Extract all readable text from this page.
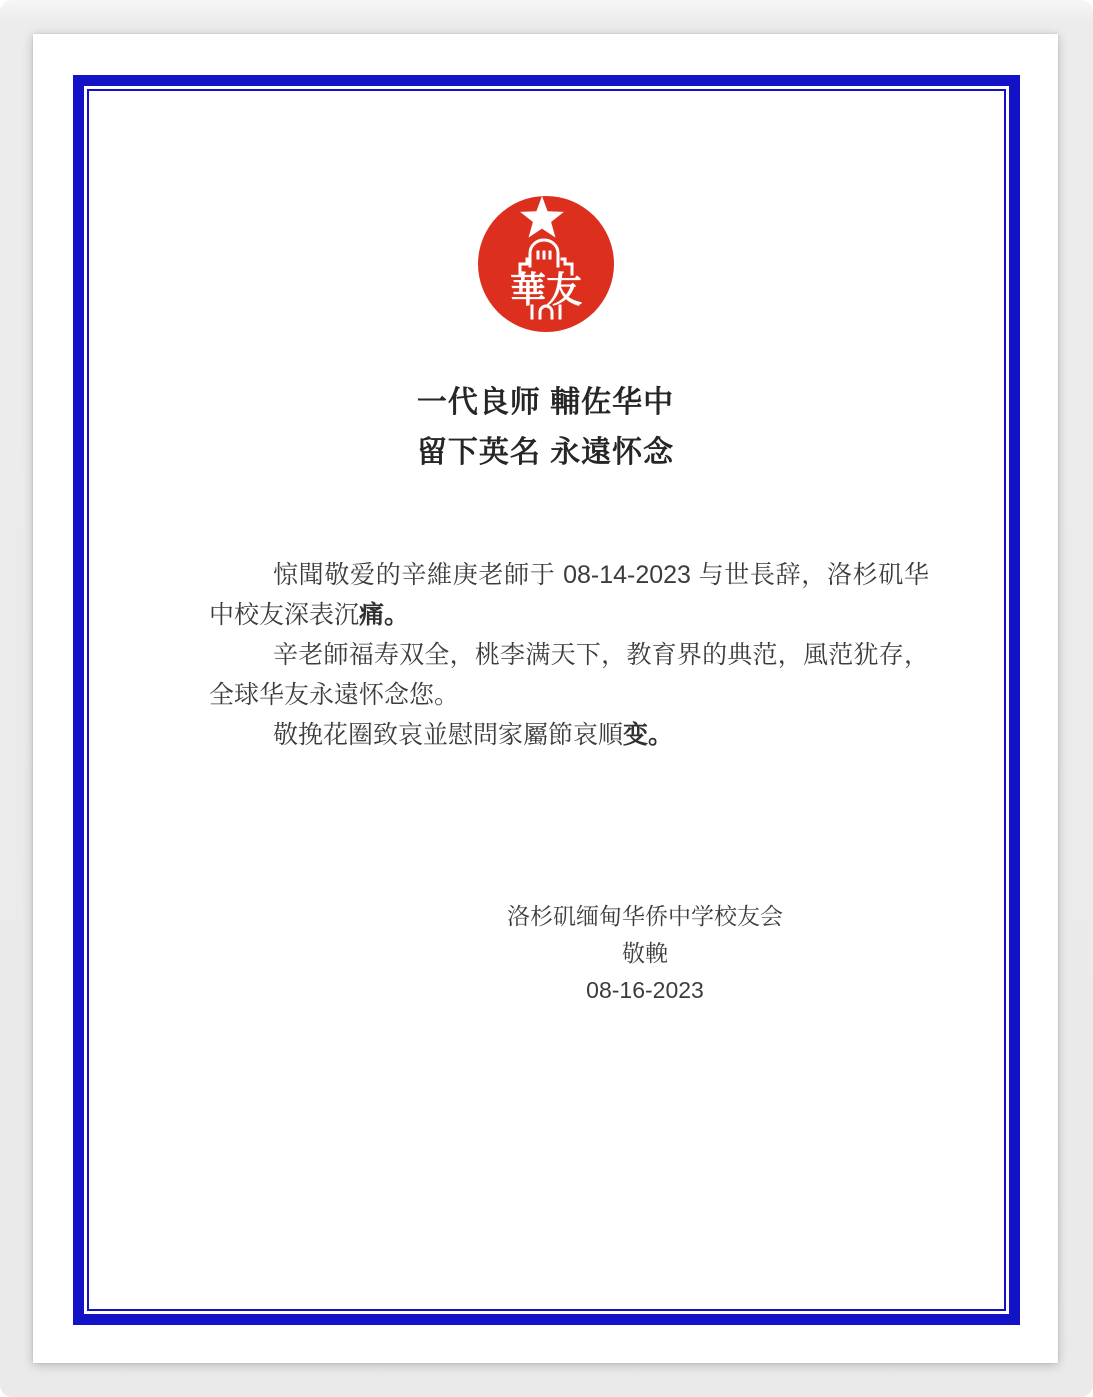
華友
一代良师 輔佐华中
留下英名 永遠怀念

惊聞敬爱的辛維庚老師于 08-14-2023 与世長辞，洛杉矶华中校友深表沉痛。

辛老師福寿双全，桃李满天下，教育界的典范，風范犹存，全球华友永遠怀念您。

敬挽花圈致哀並慰問家屬節哀順变。

洛杉矶缅甸华侨中学校友会
敬輓
08-16-2023
